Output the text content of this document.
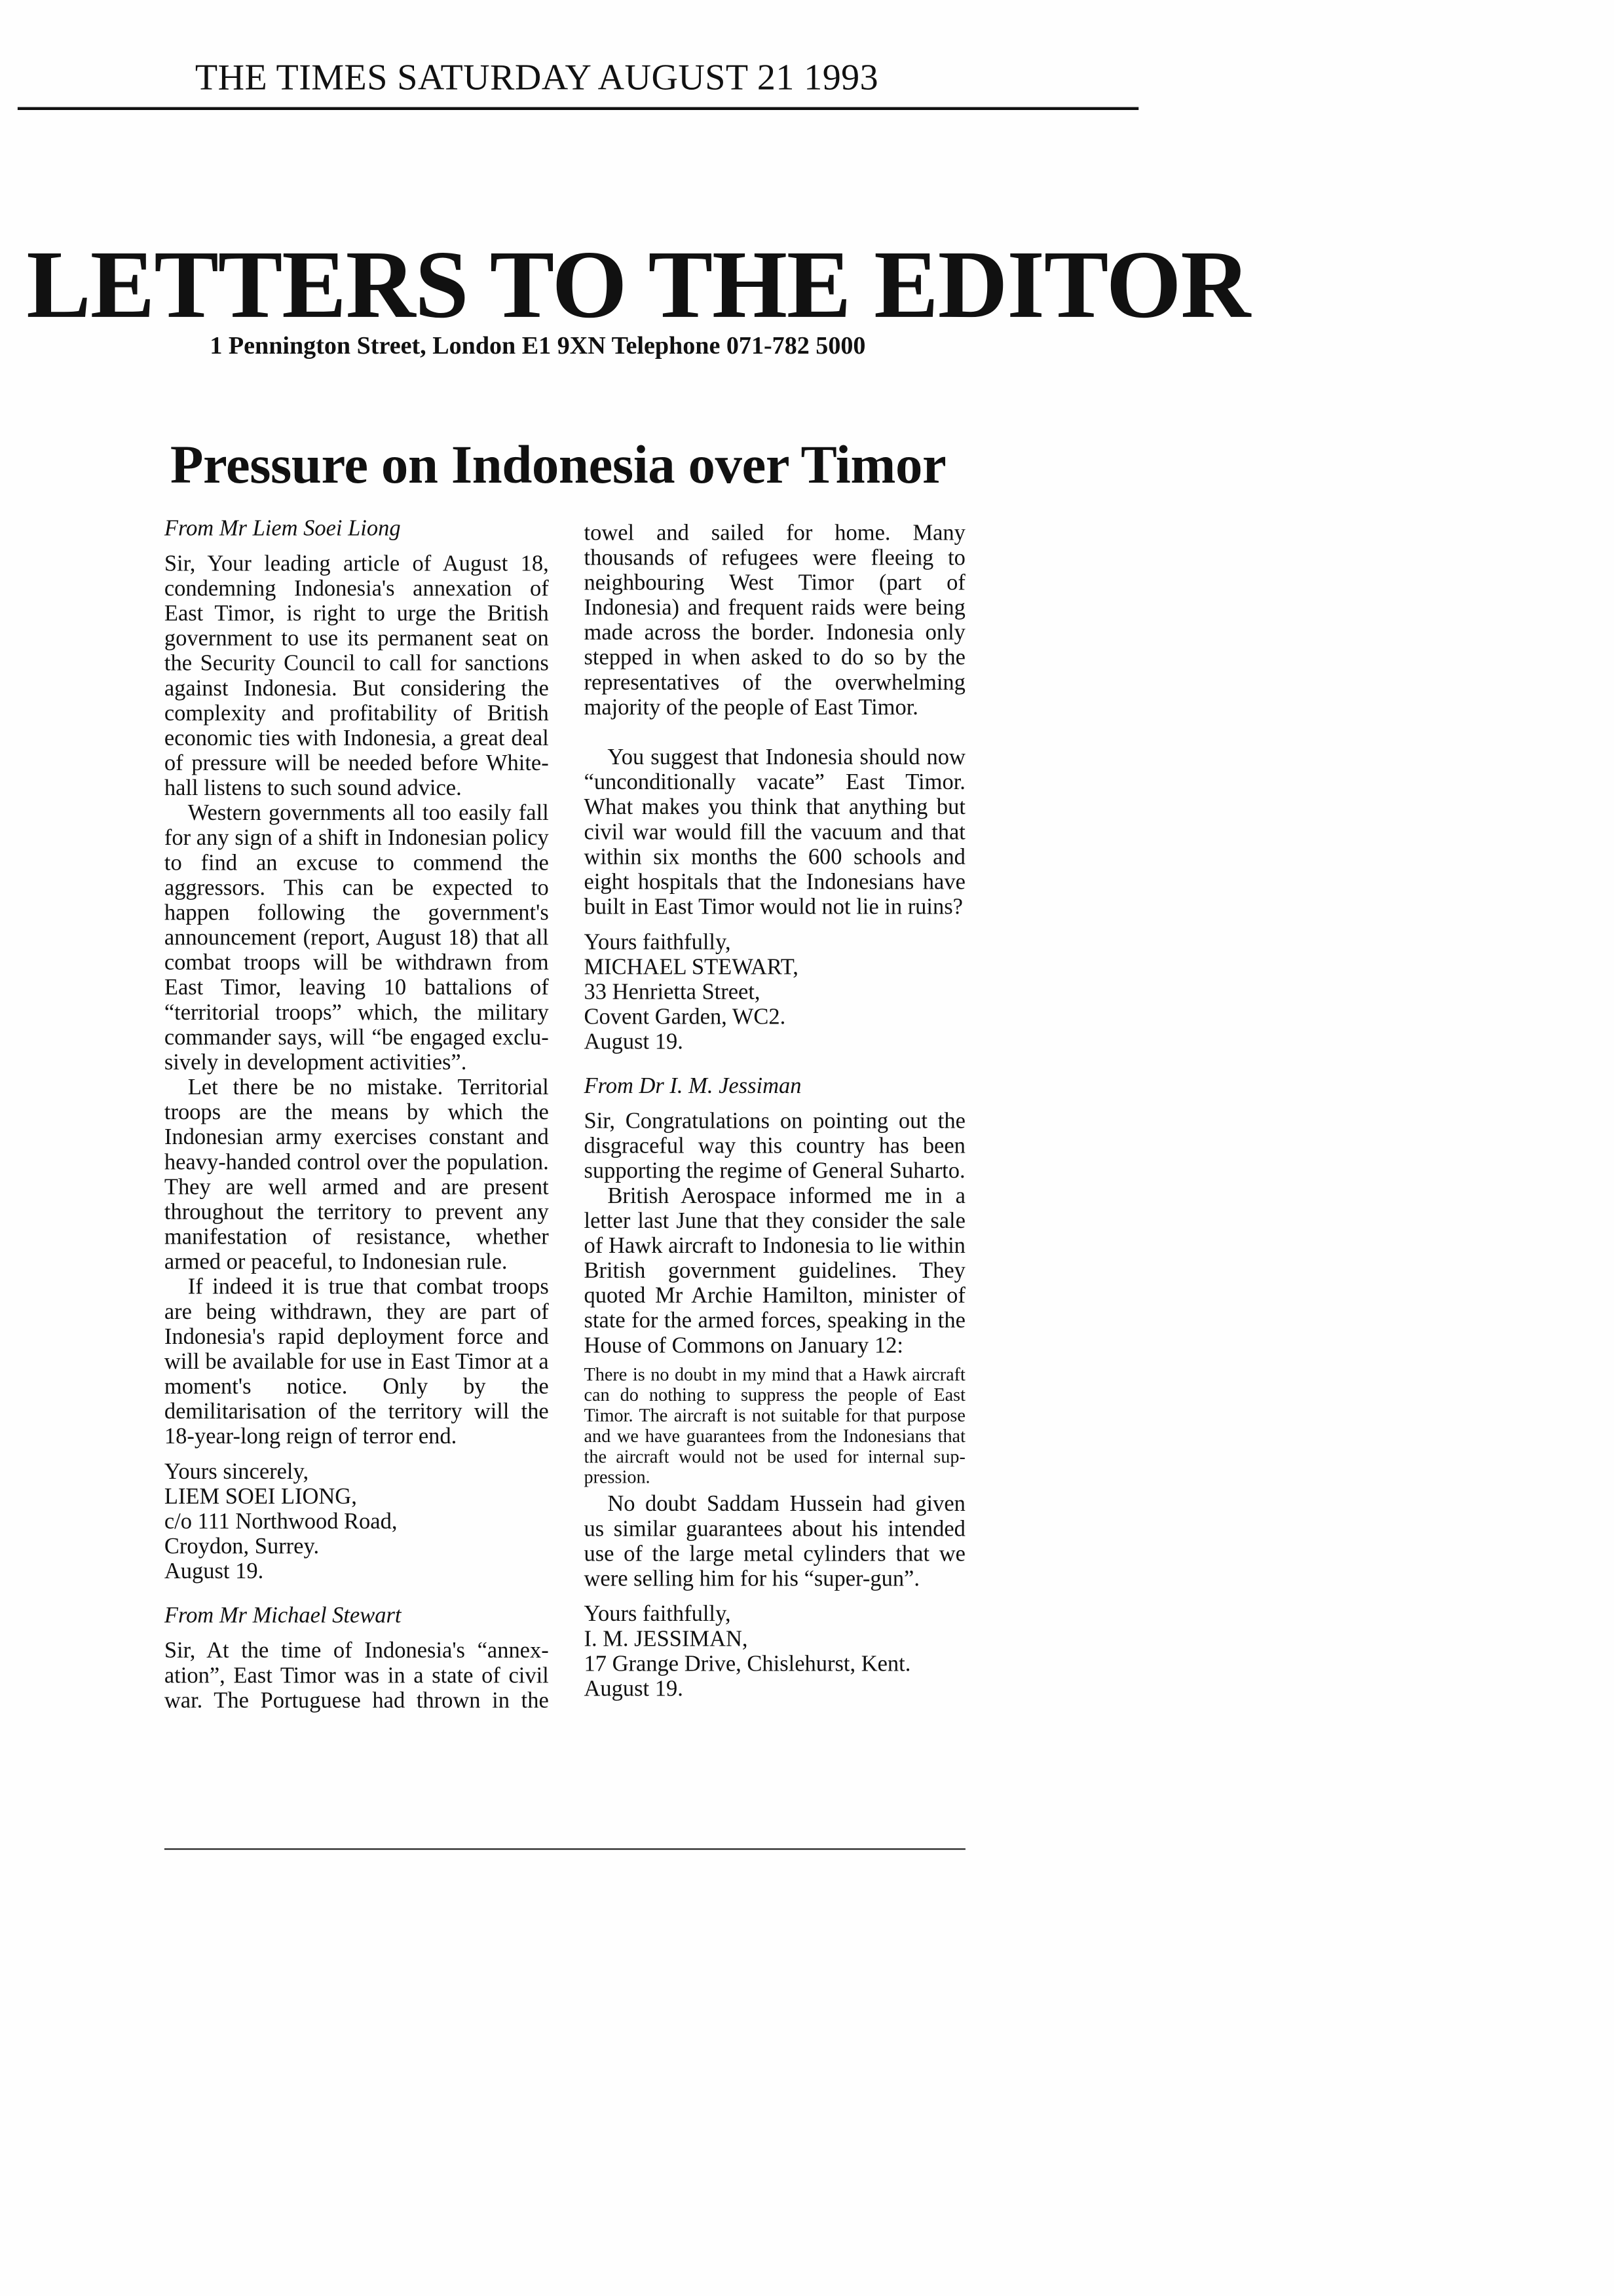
THE TIMES SATURDAY AUGUST 21 1993
LETTERS TO THE EDITOR
1 Pennington Street, London E1 9XN Telephone 071-782 5000
Pressure on Indonesia over Timor
From Mr Liem Soei Liong

Sir, Your leading article of August 18, condemning Indonesia's annexation of East Timor, is right to urge the British government to use its permanent seat on the Security Council to call for sanctions against Indonesia. But considering the complexity and profitability of British economic ties with Indonesia, a great deal of pressure will be needed before Whitehall listens to such sound advice.

Western governments all too easily fall for any sign of a shift in Indonesian policy to find an excuse to commend the aggressors. This can be expected to happen following the government's announcement (report, August 18) that all combat troops will be withdrawn from East Timor, leaving 10 battalions of “territorial troops” which, the military commander says, will “be engaged exclusively in development activities”.

Let there be no mistake. Territorial troops are the means by which the Indonesian army exercises constant and heavy-handed control over the population. They are well armed and are present throughout the territory to prevent any manifestation of resistance, whether armed or peaceful, to Indonesian rule.

If indeed it is true that combat troops are being withdrawn, they are part of Indonesia's rapid deployment force and will be available for use in East Timor at a moment's notice. Only by the demilitarisation of the territory will the 18-year-long reign of terror end.

Yours sincerely,
LIEM SOEI LIONG,
c/o 111 Northwood Road,
Croydon, Surrey.
August 19.
From Mr Michael Stewart

Sir, At the time of Indonesia's “annexation”, East Timor was in a state of civil war. The Portuguese had thrown in the

towel and sailed for home. Many thousands of refugees were fleeing to neighbouring West Timor (part of Indonesia) and frequent raids were being made across the border. Indonesia only stepped in when asked to do so by the representatives of the overwhelming majority of the people of East Timor.

You suggest that Indonesia should now “unconditionally vacate” East Timor. What makes you think that anything but civil war would fill the vacuum and that within six months the 600 schools and eight hospitals that the Indonesians have built in East Timor would not lie in ruins?

Yours faithfully,
MICHAEL STEWART,
33 Henrietta Street,
Covent Garden, WC2.
August 19.
From Dr I. M. Jessiman

Sir, Congratulations on pointing out the disgraceful way this country has been supporting the regime of General Suharto.

British Aerospace informed me in a letter last June that they consider the sale of Hawk aircraft to Indonesia to lie within British government guidelines. They quoted Mr Archie Hamilton, minister of state for the armed forces, speaking in the House of Commons on January 12:

There is no doubt in my mind that a Hawk aircraft can do nothing to suppress the people of East Timor. The aircraft is not suitable for that purpose and we have guarantees from the Indonesians that the aircraft would not be used for internal suppression.

No doubt Saddam Hussein had given us similar guarantees about his intended use of the large metal cylinders that we were selling him for his “super-gun”.

Yours faithfully,
I. M. JESSIMAN,
17 Grange Drive, Chislehurst, Kent.
August 19.
